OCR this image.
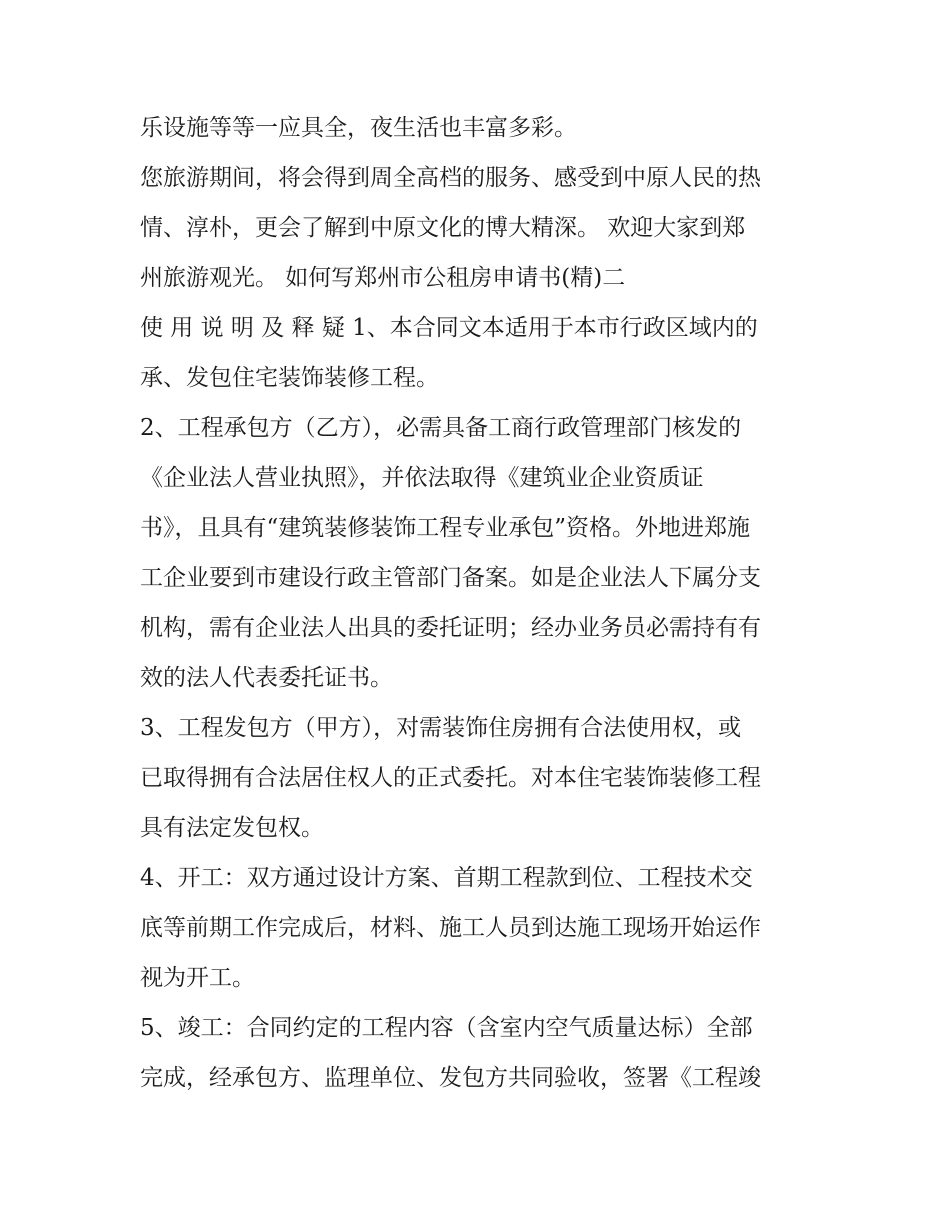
乐设施等等一应具全，夜生活也丰富多彩。
您旅游期间，将会得到周全高档的服务、感受到中原人民的热
情、淳朴，更会了解到中原文化的博大精深。 欢迎大家到郑
州旅游观光。 如何写郑州市公租房申请书(精)二
使 用 说 明 及 释 疑 1、本合同文本适用于本市行政区域内的
承、发包住宅装饰装修工程。
2、工程承包方（乙方），必需具备工商行政管理部门核发的
《企业法人营业执照》，并依法取得《建筑业企业资质证
书》，且具有“建筑装修装饰工程专业承包”资格。外地进郑施
工企业要到市建设行政主管部门备案。如是企业法人下属分支
机构，需有企业法人出具的委托证明；经办业务员必需持有有
效的法人代表委托证书。
3、工程发包方（甲方），对需装饰住房拥有合法使用权，或
已取得拥有合法居住权人的正式委托。对本住宅装饰装修工程
具有法定发包权。
4、开工：双方通过设计方案、首期工程款到位、工程技术交
底等前期工作完成后，材料、施工人员到达施工现场开始运作
视为开工。
5、竣工：合同约定的工程内容（含室内空气质量达标）全部
完成，经承包方、监理单位、发包方共同验收，签署《工程竣
